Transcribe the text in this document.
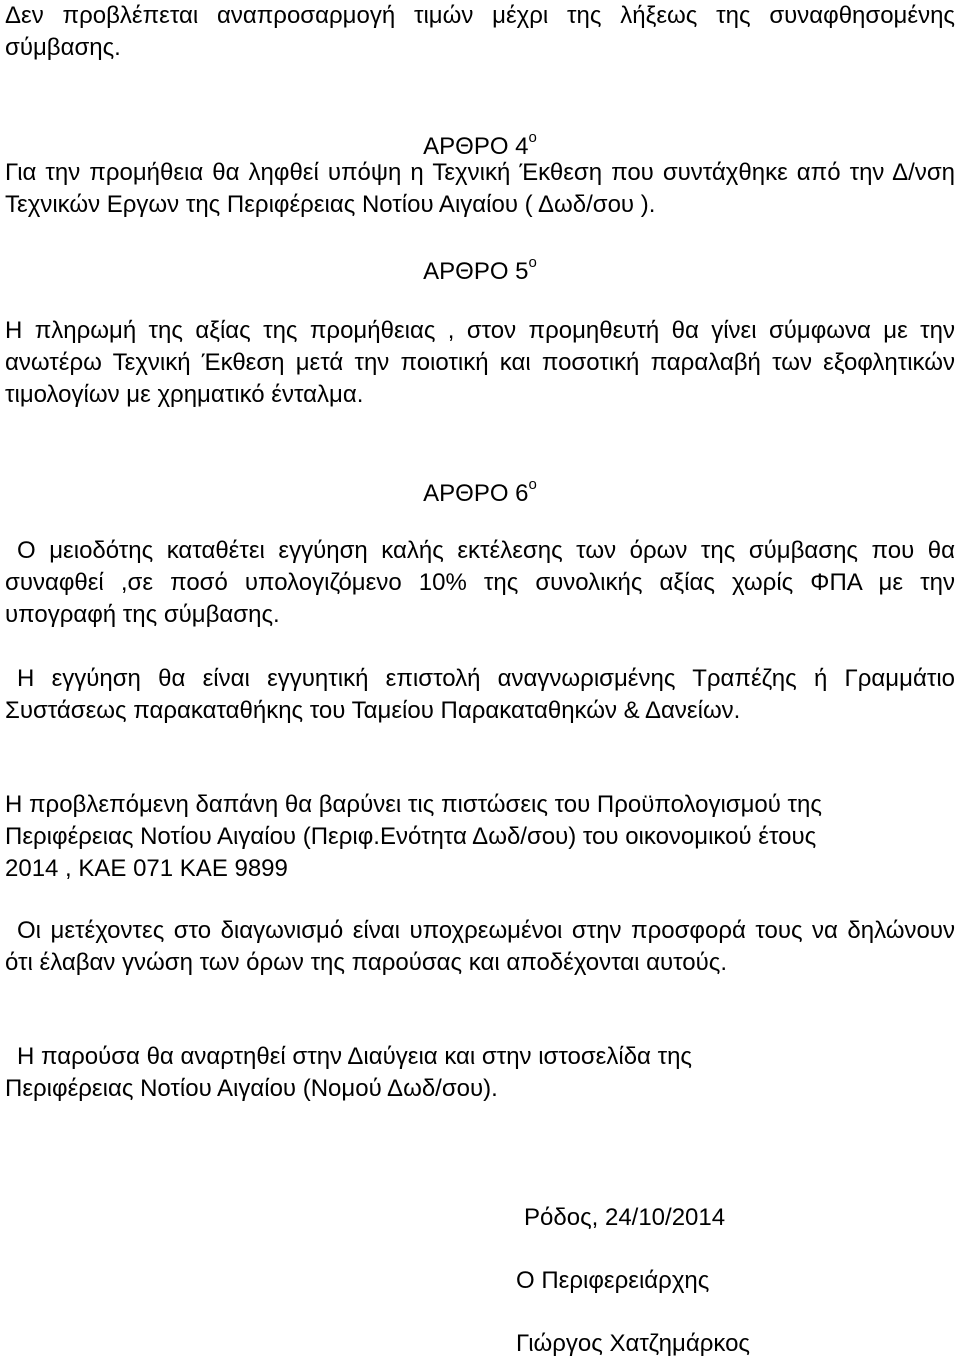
Δεν προβλέπεται αναπροσαρμογή τιμών μέχρι της λήξεως της συναφθησομένης σύμβασης.
ΑΡΘΡΟ $4^o$
Για την προμήθεια θα ληφθεί υπόψη η Τεχνική Έκθεση που συντάχθηκε από την Δ/νση Τεχνικών Εργων της Περιφέρειας Νοτίου Αιγαίου ( Δωδ/σου ).
ΑΡΘΡΟ $5^o$
Η πληρωμή της αξίας της προμήθειας , στον προμηθευτή θα γίνει σύμφωνα με την ανωτέρω Τεχνική Έκθεση μετά την ποιοτική και ποσοτική παραλαβή των εξοφλητικών τιμολογίων με χρηματικό ένταλμα.
ΑΡΘΡΟ $6^o$
Ο μειοδότης καταθέτει εγγύηση καλής εκτέλεσης των όρων της σύμβασης που θα συναφθεί ,σε ποσό υπολογιζόμενο 10% της συνολικής αξίας χωρίς ΦΠΑ με την υπογραφή της σύμβασης.
Η εγγύηση θα είναι εγγυητική επιστολή αναγνωρισμένης Τραπέζης ή Γραμμάτιο Συστάσεως παρακαταθήκης του Ταμείου Παρακαταθηκών & Δανείων.
Η προβλεπόμενη δαπάνη θα βαρύνει τις πιστώσεις του Προϋπολογισμού της
Περιφέρειας Νοτίου Αιγαίου (Περιφ.Ενότητα Δωδ/σου) του οικονομικού έτους
2014 , ΚΑΕ 071 ΚΑΕ 9899
Οι μετέχοντες στο διαγωνισμό είναι υποχρεωμένοι στην προσφορά τους να δηλώνουν ότι έλαβαν γνώση των όρων της παρούσας και αποδέχονται αυτούς.
Η παρούσα θα αναρτηθεί στην Διαύγεια και στην ιστοσελίδα της Περιφέρειας Νοτίου Αιγαίου (Νομού Δωδ/σου).
Ρόδος, 24/10/2014
Ο Περιφερειάρχης
Γιώργος Χατζημάρκος
